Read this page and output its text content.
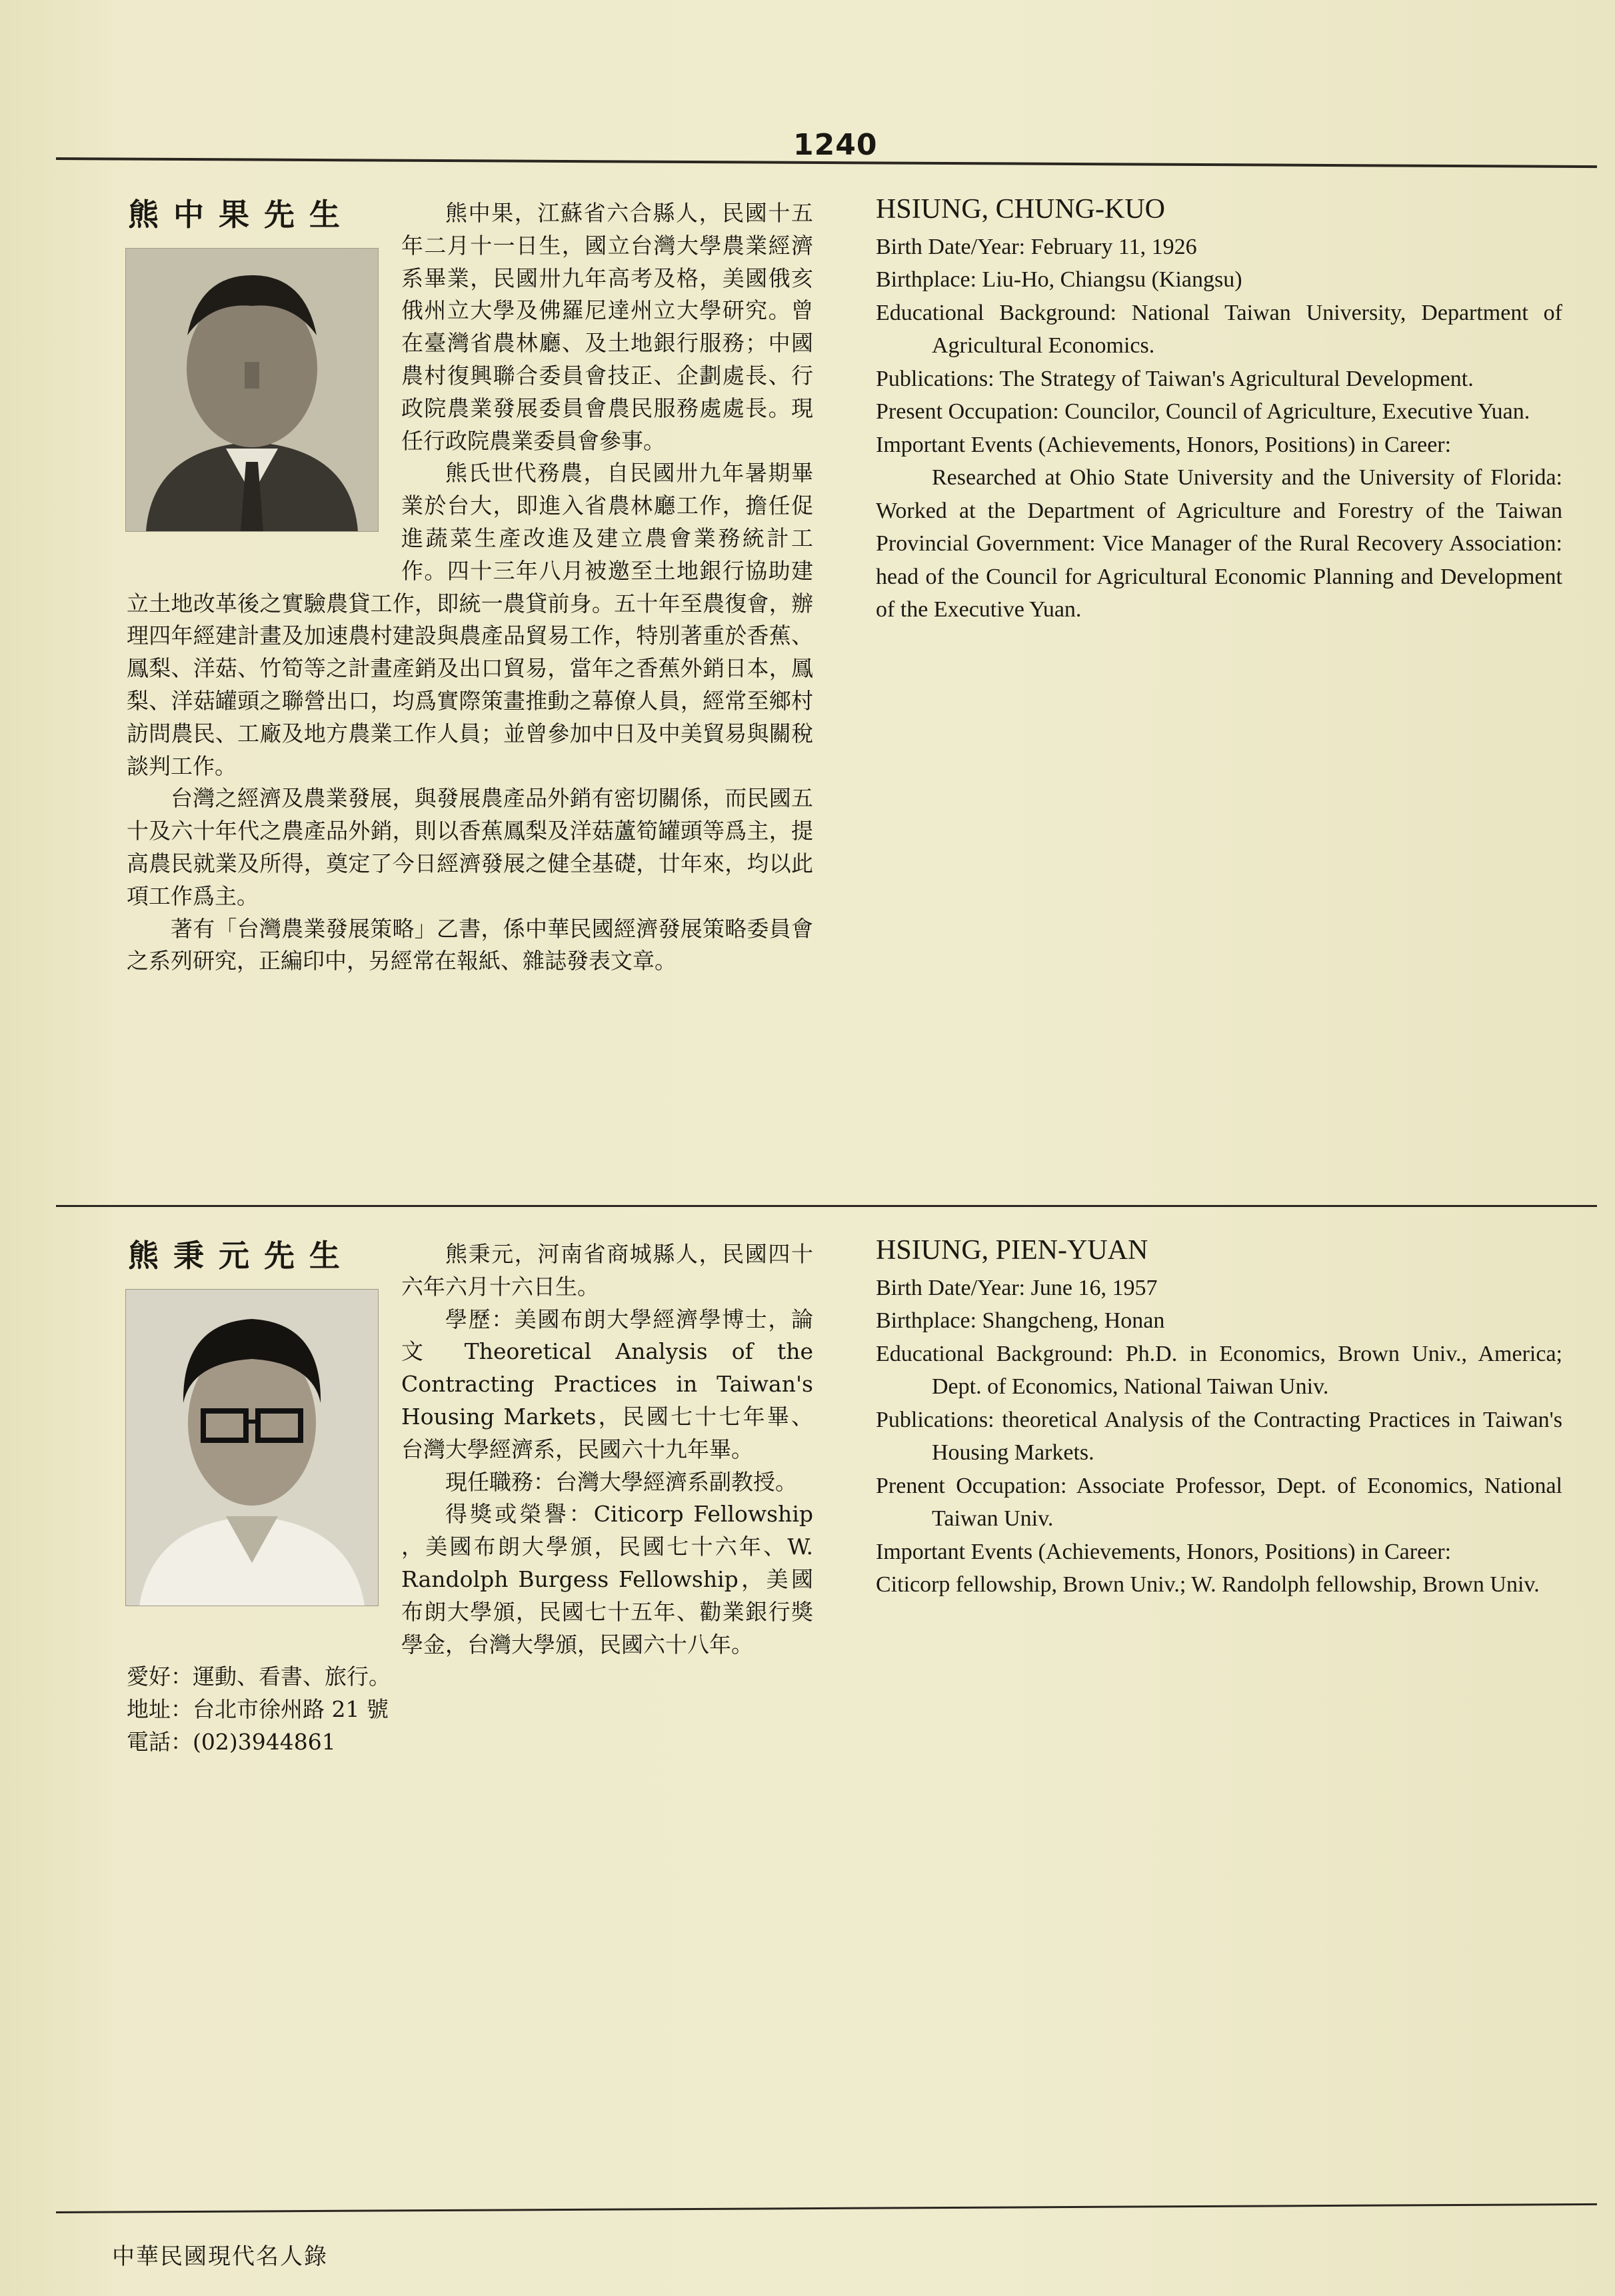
1240
熊中果先生	熊中果，江蘇省六合縣人，民國十五年二月十一日生，國立台灣大學農業經濟系畢業，民國卅九年高考及格，美國俄亥俄州立大學及佛羅尼達州立大學研究。曾在臺灣省農林廳、及土地銀行服務；中國農村復興聯合委員會技正、企劃處長、行政院農業發展委員會農民服務處處長。現任行政院農業委員會參事。

熊氏世代務農，自民國卅九年暑期畢業於台大，即進入省農林廳工作，擔任促進蔬菜生產改進及建立農會業務統計工作。四十三年八月被邀至土地銀行協助建立土地改革後之實驗農貸工作，即統一農貸前身。五十年至農復會，辦理四年經建計畫及加速農村建設與農產品貿易工作，特別著重於香蕉、鳳梨、洋菇、竹筍等之計畫產銷及出口貿易，當年之香蕉外銷日本，鳳梨、洋菇罐頭之聯營出口，均爲實際策畫推動之幕僚人員，經常至鄉村訪問農民、工廠及地方農業工作人員；並曾參加中日及中美貿易與關稅談判工作。

台灣之經濟及農業發展，與發展農產品外銷有密切關係，而民國五十及六十年代之農產品外銷，則以香蕉鳳梨及洋菇蘆筍罐頭等爲主，提高農民就業及所得，奠定了今日經濟發展之健全基礎，廿年來，均以此項工作爲主。

著有「台灣農業發展策略」乙書，係中華民國經濟發展策略委員會之系列研究，正編印中，另經常在報紙、雜誌發表文章。

HSIUNG, CHUNG-KUO
Birth Date/Year: February 11, 1926
Birthplace: Liu-Ho, Chiangsu (Kiangsu)
Educational Background: National Taiwan University, Department of Agricultural Economics.
Publications: The Strategy of Taiwan's Agricultural Development.
Present Occupation: Councilor, Council of Agriculture, Executive Yuan.
Important Events (Achievements, Honors, Positions) in Career:
Researched at Ohio State University and the University of Florida: Worked at the Department of Agriculture and Forestry of the Taiwan Provincial Government: Vice Manager of the Rural Recovery Association: head of the Council for Agricultural Economic Planning and Development of the Executive Yuan.
熊秉元先生	熊秉元，河南省商城縣人，民國四十六年六月十六日生。

學歷：美國布朗大學經濟學博士，論文 Theoretical Analysis of the Contracting Practices in Taiwan's Housing Markets，民國七十七年畢、台灣大學經濟系，民國六十九年畢。

現任職務：台灣大學經濟系副教授。

得獎或榮譽：Citicorp Fellowship ，美國布朗大學頒，民國七十六年、W. Randolph Burgess Fellowship，美國布朗大學頒，民國七十五年、勸業銀行獎學金，台灣大學頒，民國六十八年。

愛好：運動、看書、旅行。

地址：台北市徐州路 21 號

電話：(02)3944861

HSIUNG, PIEN-YUAN
Birth Date/Year: June 16, 1957
Birthplace: Shangcheng, Honan
Educational Background: Ph.D. in Economics, Brown Univ., America; Dept. of Economics, National Taiwan Univ.
Publications: theoretical Analysis of the Contracting Practices in Taiwan's Housing Markets.
Prenent Occupation: Associate Professor, Dept. of Economics, National Taiwan Univ.
Important Events (Achievements, Honors, Positions) in Career:
Citicorp fellowship, Brown Univ.; W. Randolph fellowship, Brown Univ.
中華民國現代名人錄
